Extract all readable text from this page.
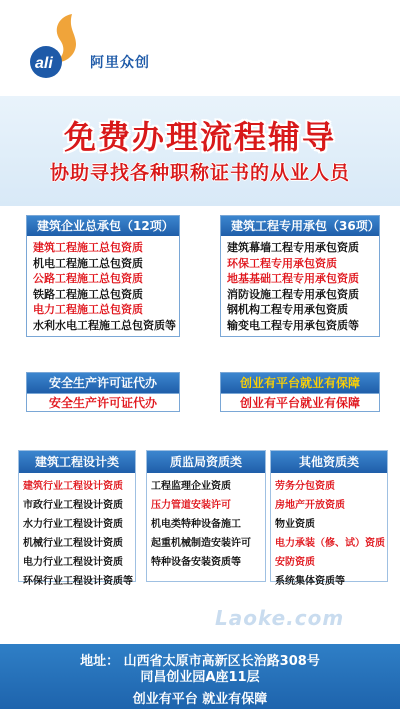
ali	阿里众创
免费办理流程辅导
协助寻找各种职称证书的从业人员
建筑企业总承包（12项）
建筑工程施工总包资质
机电工程施工总包资质
公路工程施工总包资质
铁路工程施工总包资质
电力工程施工总包资质
水利水电工程施工总包资质等
建筑工程专用承包（36项）
建筑幕墙工程专用承包资质
环保工程专用承包资质
地基基础工程专用承包资质
消防设施工程专用承包资质
钢机构工程专用承包资质
输变电工程专用承包资质等
安全生产许可证代办
安全生产许可证代办
创业有平台就业有保障
创业有平台就业有保障
建筑工程设计类
建筑行业工程设计资质
市政行业工程设计资质
水力行业工程设计资质
机械行业工程设计资质
电力行业工程设计资质
环保行业工程设计资质等
质监局资质类
工程监理企业资质
压力管道安装许可
机电类特种设备施工
起重机械制造安装许可
特种设备安装资质等
其他资质类
劳务分包资质
房地产开放资质
物业资质
电力承装（修、试）资质
安防资质
系统集体资质等
Laoke.com
地址： 山西省太原市高新区长治路308号
同昌创业园A座11层
创业有平台 就业有保障
